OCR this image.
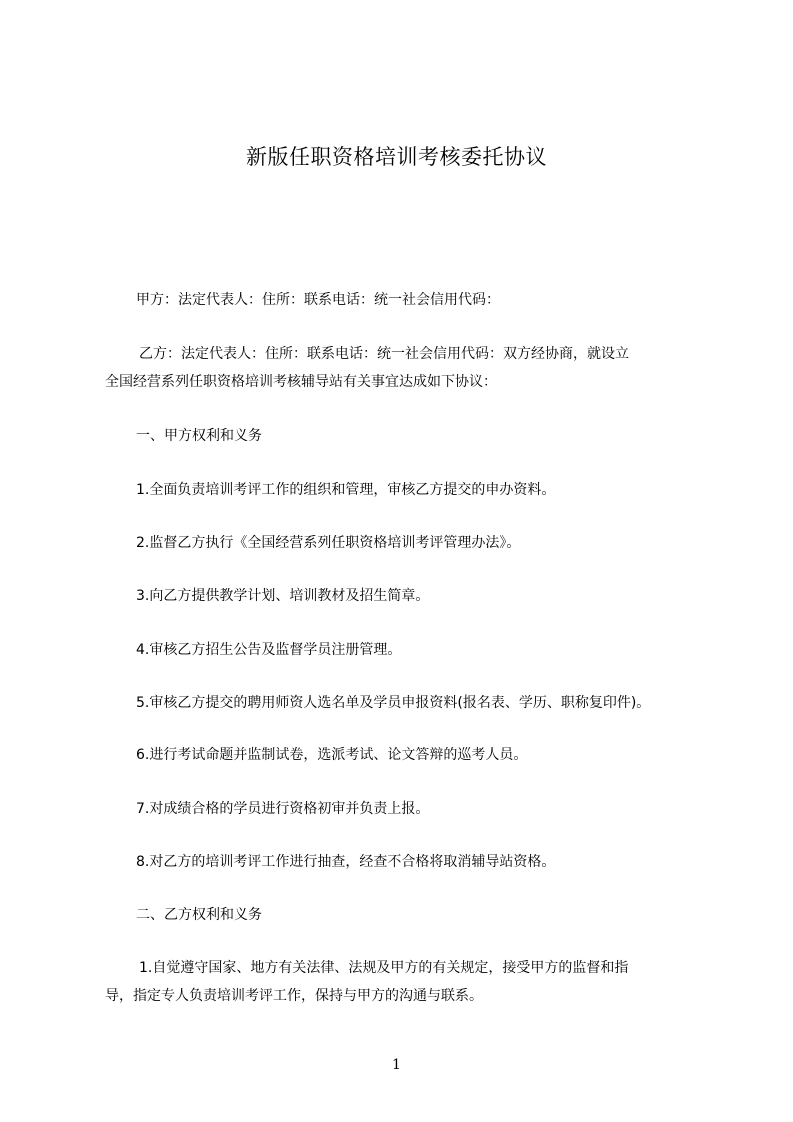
新版任职资格培训考核委托协议
甲方：法定代表人：住所：联系电话：统一社会信用代码：
乙方：法定代表人：住所：联系电话：统一社会信用代码：双方经协商，就设立
全国经营系列任职资格培训考核辅导站有关事宜达成如下协议：
一、甲方权利和义务
1.全面负责培训考评工作的组织和管理，审核乙方提交的申办资料。
2.监督乙方执行《全国经营系列任职资格培训考评管理办法》。
3.向乙方提供教学计划、培训教材及招生简章。
4.审核乙方招生公告及监督学员注册管理。
5.审核乙方提交的聘用师资人选名单及学员申报资料(报名表、学历、职称复印件)。
6.进行考试命题并监制试卷，选派考试、论文答辩的巡考人员。
7.对成绩合格的学员进行资格初审并负责上报。
8.对乙方的培训考评工作进行抽查，经查不合格将取消辅导站资格。
二、乙方权利和义务
1.自觉遵守国家、地方有关法律、法规及甲方的有关规定，接受甲方的监督和指
导，指定专人负责培训考评工作，保持与甲方的沟通与联系。
1
